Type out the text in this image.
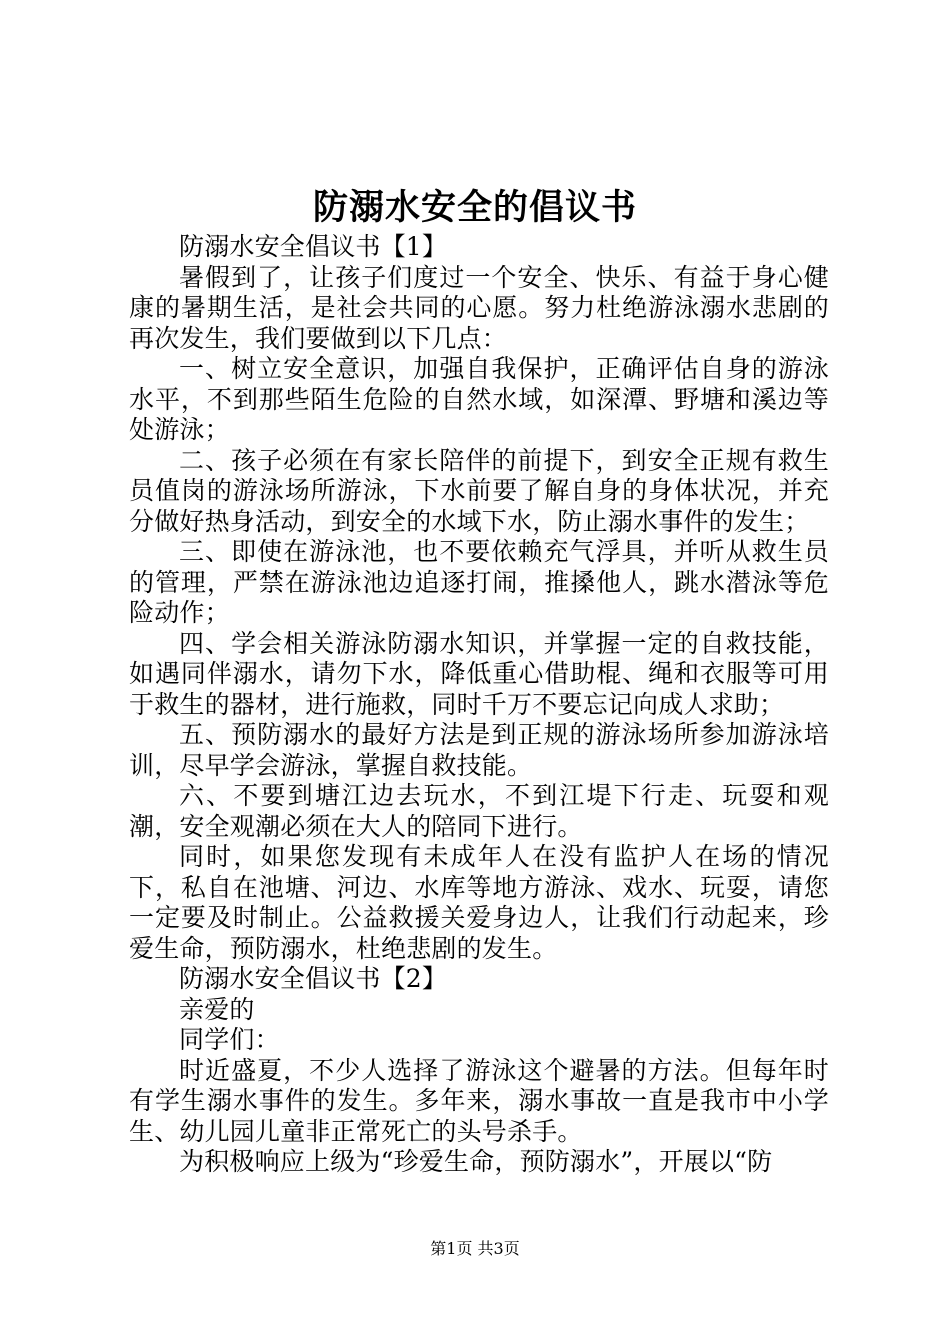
防溺水安全的倡议书

防溺水安全倡议书【1】

暑假到了，让孩子们度过一个安全、快乐、有益于身心健康的暑期生活，是社会共同的心愿。努力杜绝游泳溺水悲剧的再次发生，我们要做到以下几点：

一、树立安全意识，加强自我保护，正确评估自身的游泳水平，不到那些陌生危险的自然水域，如深潭、野塘和溪边等处游泳；

二、孩子必须在有家长陪伴的前提下，到安全正规有救生员值岗的游泳场所游泳，下水前要了解自身的身体状况，并充分做好热身活动，到安全的水域下水，防止溺水事件的发生；

三、即使在游泳池，也不要依赖充气浮具，并听从救生员的管理，严禁在游泳池边追逐打闹，推搡他人，跳水潜泳等危险动作；

四、学会相关游泳防溺水知识，并掌握一定的自救技能，如遇同伴溺水，请勿下水，降低重心借助棍、绳和衣服等可用于救生的器材，进行施救，同时千万不要忘记向成人求助；

五、预防溺水的最好方法是到正规的游泳场所参加游泳培训，尽早学会游泳，掌握自救技能。

六、不要到塘江边去玩水，不到江堤下行走、玩耍和观潮，安全观潮必须在大人的陪同下进行。

同时，如果您发现有未成年人在没有监护人在场的情况下，私自在池塘、河边、水库等地方游泳、戏水、玩耍，请您一定要及时制止。公益救援关爱身边人，让我们行动起来，珍爱生命，预防溺水，杜绝悲剧的发生。

防溺水安全倡议书【2】

亲爱的

同学们：

时近盛夏，不少人选择了游泳这个避暑的方法。但每年时有学生溺水事件的发生。多年来，溺水事故一直是我市中小学生、幼儿园儿童非正常死亡的头号杀手。

为积极响应上级为“珍爱生命，预防溺水”，开展以“防

第1页 共3页
